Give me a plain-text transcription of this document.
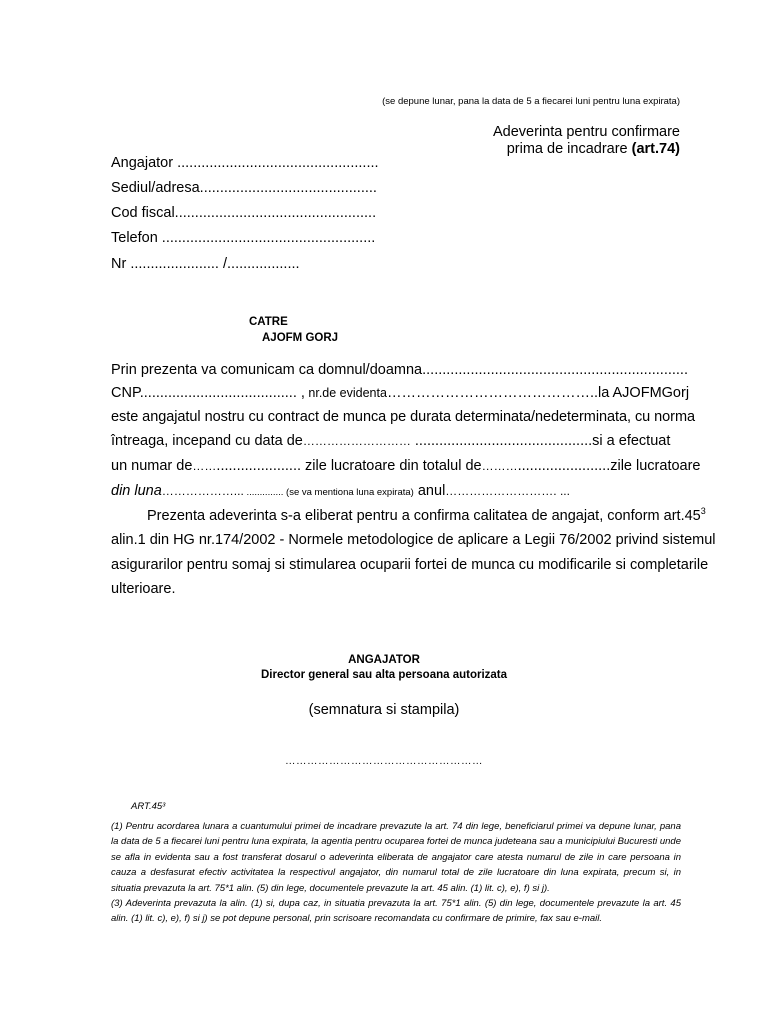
(se depune lunar, pana la data de 5 a fiecarei luni pentru luna expirata)
Adeverinta pentru confirmare
prima de incadrare (art.74)
Angajator ..................................................
Sediul/adresa............................................
Cod fiscal..................................................
Telefon .....................................................
Nr ...................... /..................
CATRE
AJOFM GORJ
Prin prezenta va comunicam ca domnul/doamna..................................................................
CNP....................................... , nr.de evidenta……………………………………..la AJOFMGorj
este angajatul nostru cu contract de munca pe durata determinata/nedeterminata, cu norma
întreaga, incepand cu data de……………………… ............................................si a efectuat
un numar de……..................... zile lucratoare din totalul de……….......................zile lucratoare
din luna………………... .............. (se va mentiona luna expirata) anul………………………. ...
Prezenta adeverinta s-a eliberat pentru a confirma calitatea de angajat, conform $art.45^3$
alin.1 din HG nr.174/2002 - Normele metodologice de aplicare a Legii 76/2002 privind sistemul
asigurarilor pentru somaj si stimularea ocuparii fortei de munca cu modificarile si completarile
ulterioare.
ANGAJATOR
Director general sau alta persoana autorizata
(semnatura si stampila)
………………………………………………
ART.45³

(1) Pentru acordarea lunara a cuantumului primei de incadrare prevazute la art. 74 din lege, beneficiarul primei va depune lunar, pana la data de 5 a fiecarei luni pentru luna expirata, la agentia pentru ocuparea fortei de munca judeteana sau a municipiului Bucuresti unde se afla in evidenta sau a fost transferat dosarul o adeverinta eliberata de angajator care atesta numarul de zile in care persoana in cauza a desfasurat efectiv activitatea la respectivul angajator, din numarul total de zile lucratoare din luna expirata, precum si, in situatia prevazuta la art. 75*1 alin. (5) din lege, documentele prevazute la art. 45 alin. (1) lit. c), e), f) si j).

(3) Adeverinta prevazuta la alin. (1) si, dupa caz, in situatia prevazuta la art. 75*1 alin. (5) din lege, documentele prevazute la art. 45 alin. (1) lit. c), e), f) si j) se pot depune personal, prin scrisoare recomandata cu confirmare de primire, fax sau e-mail.
